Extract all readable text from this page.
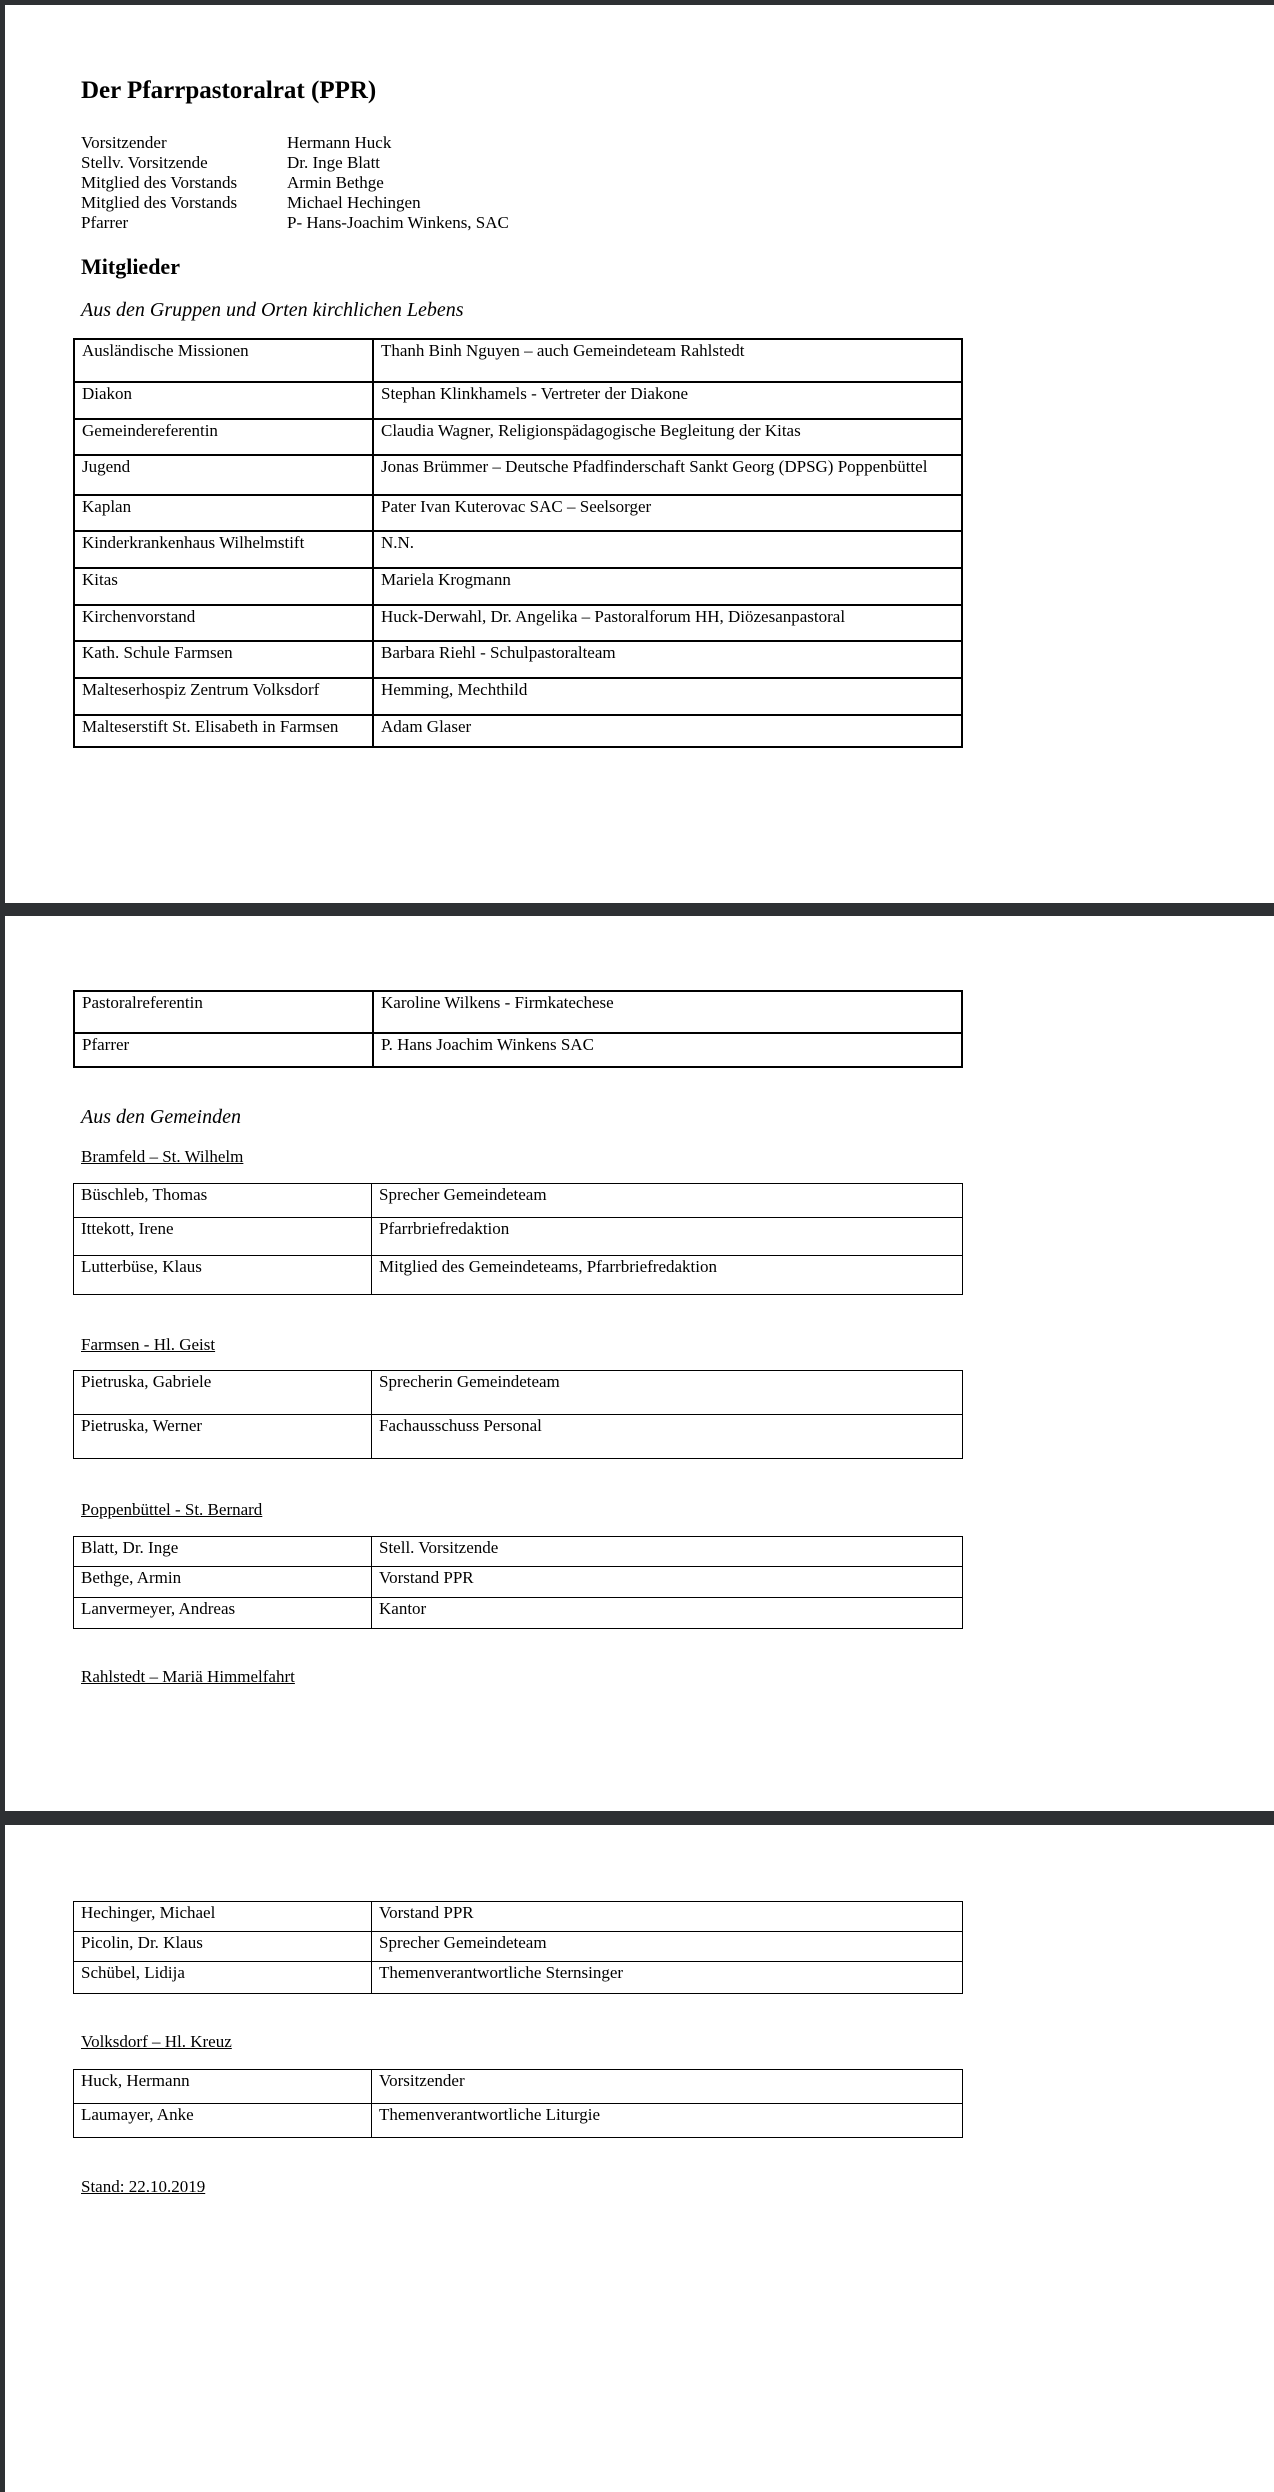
Der Pfarrpastoralrat (PPR)
Vorsitzender	Hermann Huck
Stellv. Vorsitzende	Dr. Inge Blatt
Mitglied des Vorstands	Armin Bethge
Mitglied des Vorstands	Michael Hechingen
Pfarrer	P- Hans-Joachim Winkens, SAC
Mitglieder
Aus den Gruppen und Orten kirchlichen Lebens
Ausländische Missionen	Thanh Binh Nguyen – auch Gemeindeteam Rahlstedt
Diakon	Stephan Klinkhamels - Vertreter der Diakone
Gemeindereferentin	Claudia Wagner, Religionspädagogische Begleitung der Kitas
Jugend	Jonas Brümmer – Deutsche Pfadfinderschaft Sankt Georg (DPSG) Poppenbüttel
Kaplan	Pater Ivan Kuterovac SAC – Seelsorger
Kinderkrankenhaus Wilhelmstift	N.N.
Kitas	Mariela Krogmann
Kirchenvorstand	Huck-Derwahl, Dr. Angelika – Pastoralforum HH, Diözesanpastoral
Kath. Schule Farmsen	Barbara Riehl - Schulpastoralteam
Malteserhospiz Zentrum Volksdorf	Hemming, Mechthild
Malteserstift St. Elisabeth in Farmsen	Adam Glaser
Pastoralreferentin	Karoline Wilkens - Firmkatechese
Pfarrer	P. Hans Joachim Winkens SAC
Aus den Gemeinden
Bramfeld – St. Wilhelm
Büschleb, Thomas	Sprecher Gemeindeteam
Ittekott, Irene	Pfarrbriefredaktion
Lutterbüse, Klaus	Mitglied des Gemeindeteams, Pfarrbriefredaktion
Farmsen - Hl. Geist
Pietruska, Gabriele	Sprecherin Gemeindeteam
Pietruska, Werner	Fachausschuss Personal
Poppenbüttel - St. Bernard
Blatt, Dr. Inge	Stell. Vorsitzende
Bethge, Armin	Vorstand PPR
Lanvermeyer, Andreas	Kantor
Rahlstedt – Mariä Himmelfahrt
Hechinger, Michael	Vorstand PPR
Picolin, Dr. Klaus	Sprecher Gemeindeteam
Schübel, Lidija	Themenverantwortliche Sternsinger
Volksdorf – Hl. Kreuz
Huck, Hermann	Vorsitzender
Laumayer, Anke	Themenverantwortliche Liturgie
Stand: 22.10.2019
